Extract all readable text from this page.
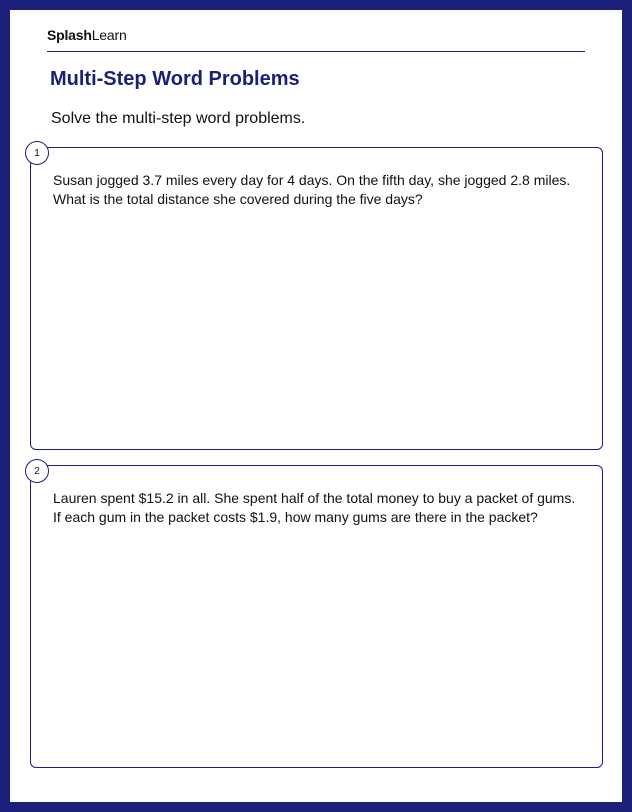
SplashLearn
Multi-Step Word Problems

Solve the multi-step word problems.

1

Susan jogged 3.7 miles every day for 4 days. On the fifth day, she jogged 2.8 miles. What is the total distance she covered during the five days?

2

Lauren spent $15.2 in all. She spent half of the total money to buy a packet of gums. If each gum in the packet costs $1.9, how many gums are there in the packet?
